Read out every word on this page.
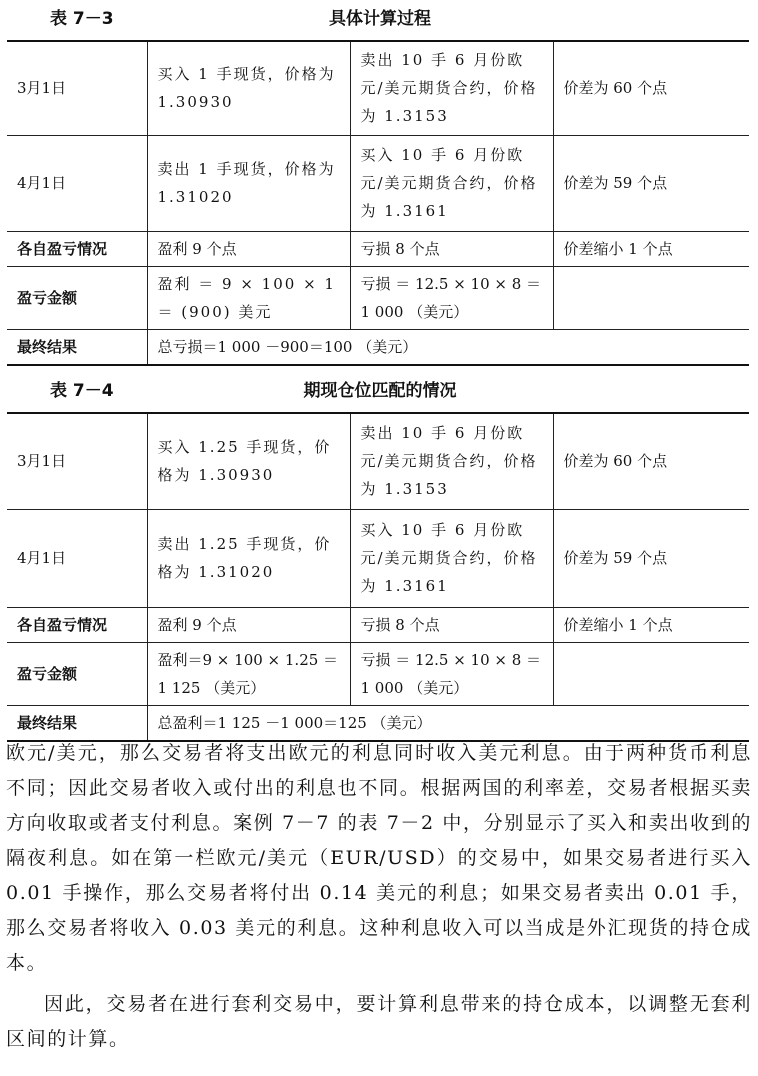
表 7－3	具体计算过程
3月1日	买入 1 手现货，价格为 1.30930	卖出 10 手 6 月份欧元/美元期货合约，价格为 1.3153	价差为 60 个点
4月1日	卖出 1 手现货，价格为 1.31020	买入 10 手 6 月份欧元/美元期货合约，价格为 1.3161	价差为 59 个点
各自盈亏情况	盈利 9 个点	亏损 8 个点	价差缩小 1 个点
盈亏金额	盈利 ＝ 9 × 100 × 1 ＝ (900) 美元	亏损 ＝ 12.5 × 10 × 8 ＝ 1 000 （美元）	
最终结果	总亏损＝1 000 －900＝100 （美元）		
表 7－4	期现仓位匹配的情况
3月1日	买入 1.25 手现货，价格为 1.30930	卖出 10 手 6 月份欧元/美元期货合约，价格为 1.3153	价差为 60 个点
4月1日	卖出 1.25 手现货，价格为 1.31020	买入 10 手 6 月份欧元/美元期货合约，价格为 1.3161	价差为 59 个点
各自盈亏情况	盈利 9 个点	亏损 8 个点	价差缩小 1 个点
盈亏金额	盈利＝9 × 100 × 1.25 ＝ 1 125 （美元）	亏损 ＝ 12.5 × 10 × 8 ＝ 1 000 （美元）	
最终结果	总盈利＝1 125 －1 000＝125 （美元）		

欧元/美元，那么交易者将支出欧元的利息同时收入美元利息。由于两种货币利息不同；因此交易者收入或付出的利息也不同。根据两国的利率差，交易者根据买卖方向收取或者支付利息。案例 7－7 的表 7－2 中，分别显示了买入和卖出收到的隔夜利息。如在第一栏欧元/美元（EUR/USD）的交易中，如果交易者进行买入 0.01 手操作，那么交易者将付出 0.14 美元的利息；如果交易者卖出 0.01 手，那么交易者将收入 0.03 美元的利息。这种利息收入可以当成是外汇现货的持仓成本。

因此，交易者在进行套利交易中，要计算利息带来的持仓成本，以调整无套利区间的计算。
